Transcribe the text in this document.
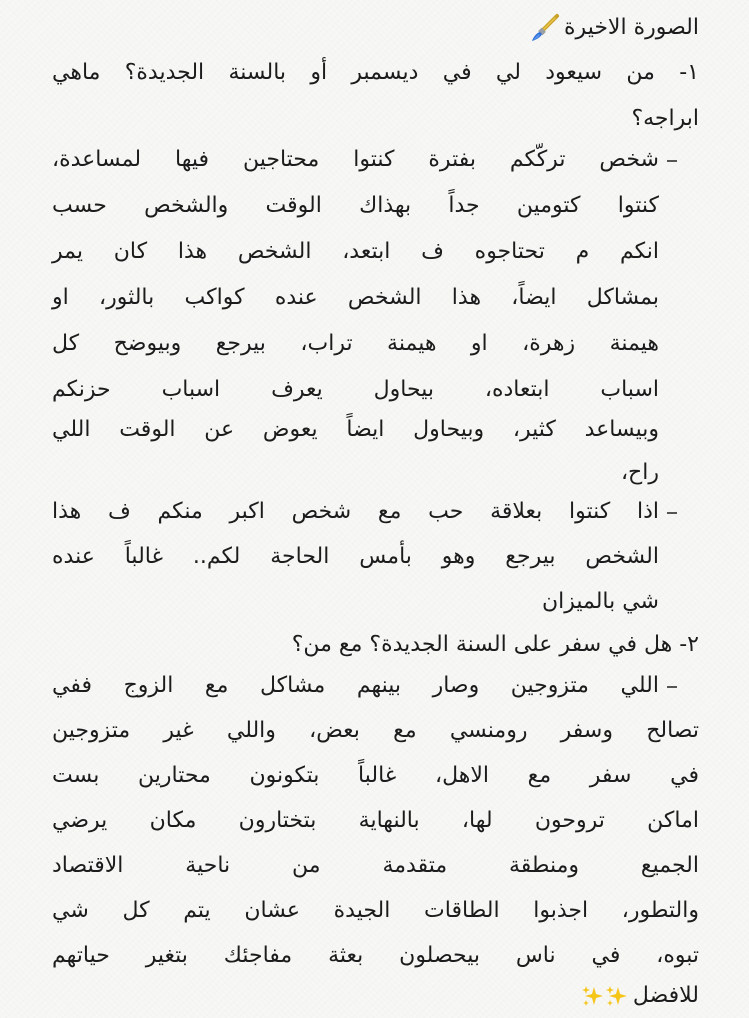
الصورة الاخيرة
١- من سيعود لي في ديسمبر أو بالسنة الجديدة؟ ماهي
ابراجه؟
شخص تركّكم بفترة كنتوا محتاجين فيها لمساعدة،
كنتوا كتومين جداً بهذاك الوقت والشخص حسب
انكم م تحتاجوه ف ابتعد، الشخص هذا كان يمر
بمشاكل ايضاً، هذا الشخص عنده كواكب بالثور، او
هيمنة زهرة، او هيمنة تراب، بيرجع وبيوضح كل
اسباب ابتعاده، بيحاول يعرف اسباب حزنكم
وبيساعد كثير، وبيحاول ايضاً يعوض عن الوقت اللي
راح،
اذا كنتوا بعلاقة حب مع شخص اكبر منكم ف هذا
الشخص بيرجع وهو بأمس الحاجة لكم.. غالباً عنده
شي بالميزان
٢- هل في سفر على السنة الجديدة؟ مع من؟
اللي متزوجين وصار بينهم مشاكل مع الزوج ففي
تصالح وسفر رومنسي مع بعض، واللي غير متزوجين
في سفر مع الاهل، غالباً بتكونون محتارين بست
اماكن تروحون لها، بالنهاية بتختارون مكان يرضي
الجميع ومنطقة متقدمة من ناحية الاقتصاد
والتطور، اجذبوا الطاقات الجيدة عشان يتم كل شي
تبوه، في ناس بيحصلون بعثة مفاجئك بتغير حياتهم
للافضل
